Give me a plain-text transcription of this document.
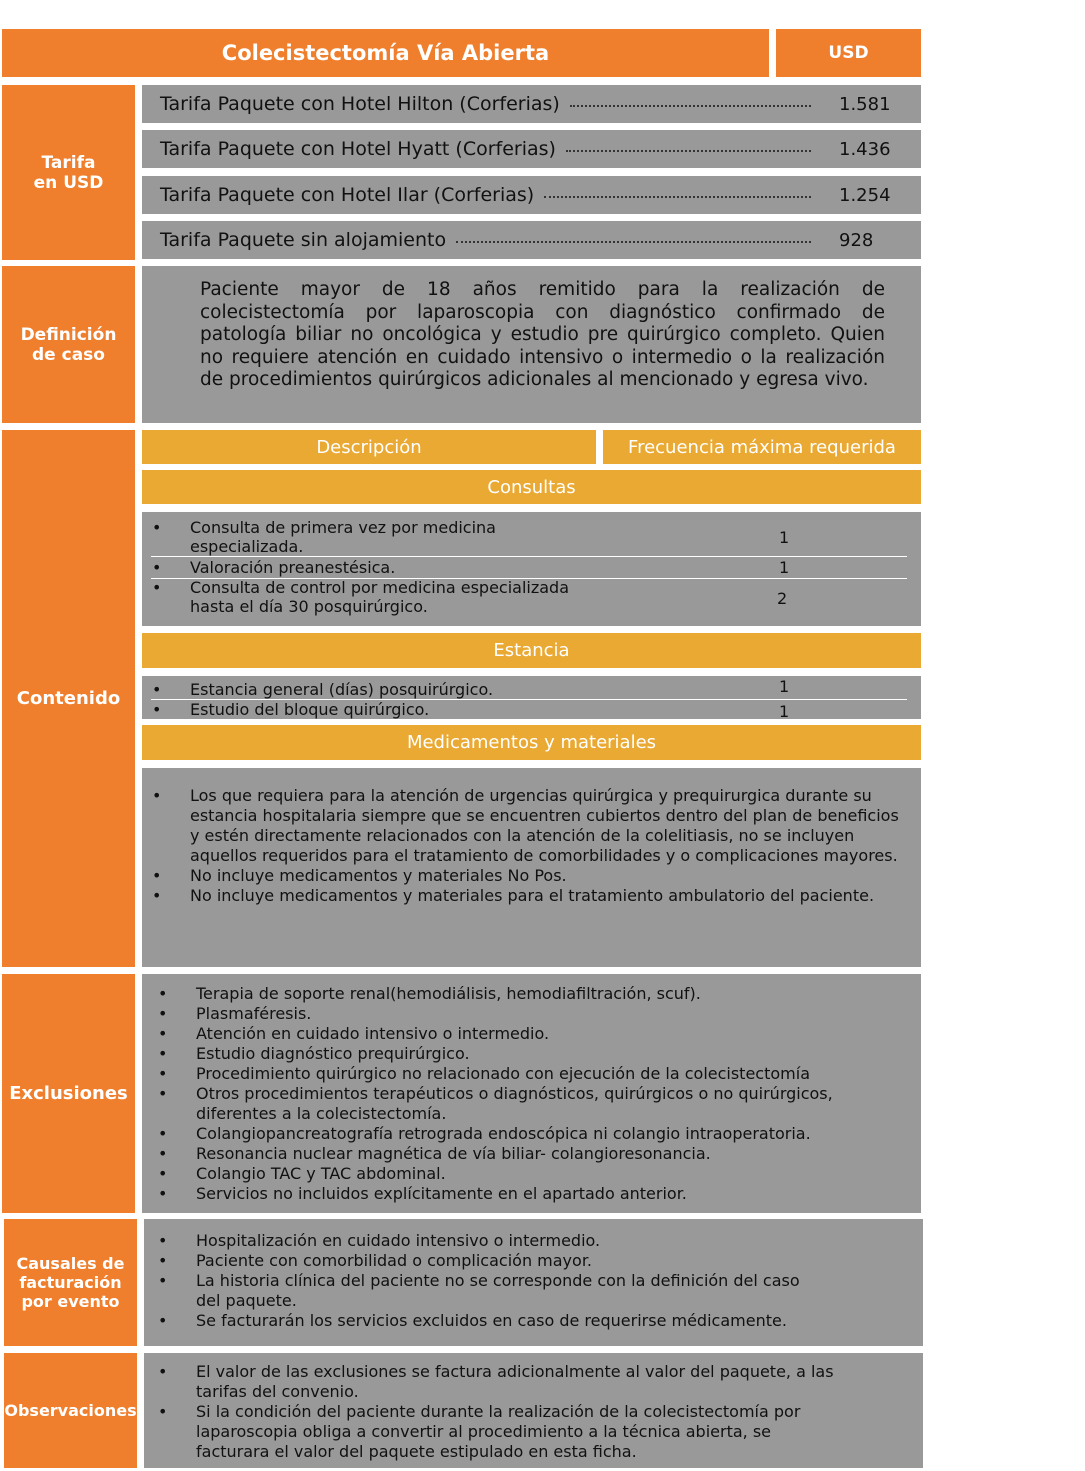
Colecistectomía Vía Abierta	USD
Tarifa
en USD
Tarifa Paquete con Hotel Hilton (Corferias)	1.581
Tarifa Paquete con Hotel Hyatt (Corferias)	1.436
Tarifa Paquete con Hotel Ilar (Corferias)	1.254
Tarifa Paquete sin alojamiento	928
Definición
de caso

Paciente mayor de 18 años remitido para la realización de colecistectomía por laparoscopia con diagnóstico confirmado de patología biliar no oncológica y estudio pre quirúrgico completo. Quien no requiere atención en cuidado intensivo o intermedio o la realización de procedimientos quirúrgicos adicionales al mencionado y egresa vivo.

Contenido
Descripción	Frecuencia máxima requerida
Consultas
•	Consulta de primera vez por medicina
especializada.	1
•	Valoración preanestésica.	1
•	Consulta de control por medicina especializada
hasta el día 30 posquirúrgico.	2
Estancia
•	Estancia general (días) posquirúrgico.	1
•	Estudio del bloque quirúrgico.	1
Medicamentos y materiales
•	Los que requiera para la atención de urgencias quirúrgica y prequirurgica durante su estancia hospitalaria siempre que se encuentren cubiertos dentro del plan de beneficios y estén directamente relacionados con la atención de la colelitiasis, no se incluyen aquellos requeridos para el tratamiento de comorbilidades y o complicaciones mayores.
•	No incluye medicamentos y materiales No Pos.
•	No incluye medicamentos y materiales para el tratamiento ambulatorio del paciente.
Exclusiones
•	Terapia de soporte renal(hemodiálisis, hemodiafiltración, scuf).
•	Plasmaféresis.
•	Atención en cuidado intensivo o intermedio.
•	Estudio diagnóstico prequirúrgico.
•	Procedimiento quirúrgico no relacionado con ejecución de la colecistectomía
•	Otros procedimientos terapéuticos o diagnósticos, quirúrgicos o no quirúrgicos, diferentes a la colecistectomía.
•	Colangiopancreatografía retrograda endoscópica ni colangio intraoperatoria.
•	Resonancia nuclear magnética de vía biliar- colangioresonancia.
•	Colangio TAC y TAC abdominal.
•	Servicios no incluidos explícitamente en el apartado anterior.
Causales de
facturación
por evento
•	Hospitalización en cuidado intensivo o intermedio.
•	Paciente con comorbilidad o complicación mayor.
•	La historia clínica del paciente no se corresponde con la definición del caso
del paquete.
•	Se facturarán los servicios excluidos en caso de requerirse médicamente.
Observaciones
•	El valor de las exclusiones se factura adicionalmente al valor del paquete, a las
tarifas del convenio.
•	Si la condición del paciente durante la realización de la colecistectomía por
laparoscopia obliga a convertir al procedimiento a la técnica abierta, se
facturara el valor del paquete estipulado en esta ficha.
